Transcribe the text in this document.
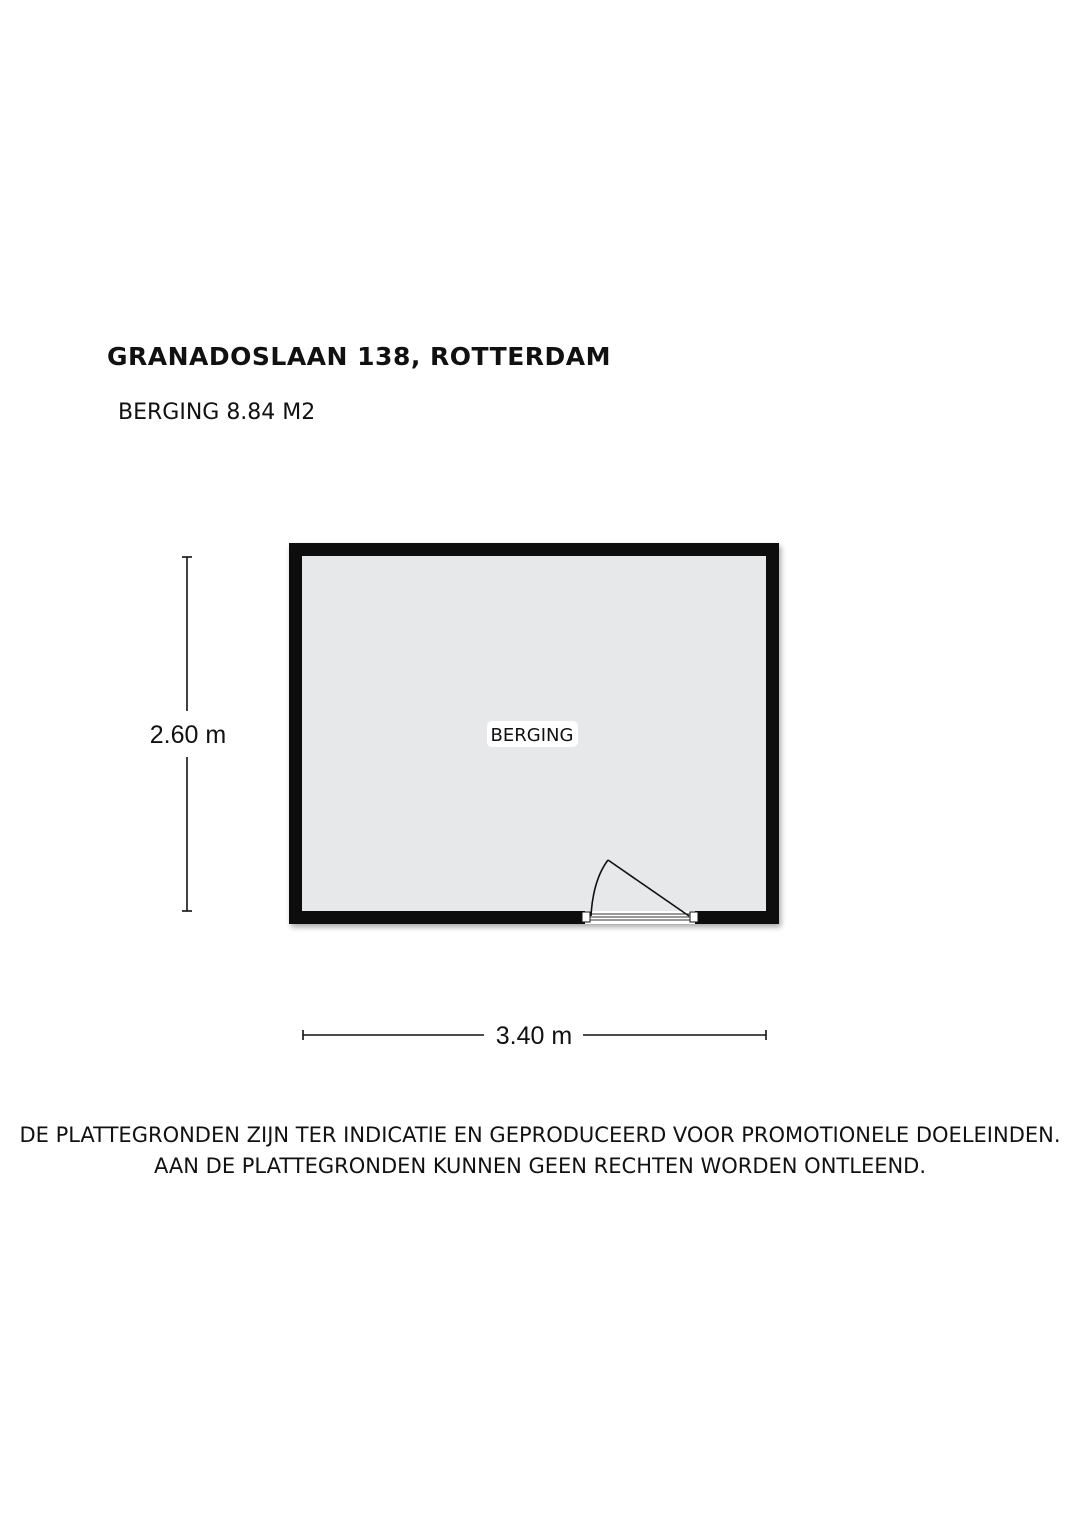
GRANADOSLAAN 138, ROTTERDAM
BERGING 8.84 M2
BERGING
2.60 m
3.40 m
DE PLATTEGRONDEN ZIJN TER INDICATIE EN GEPRODUCEERD VOOR PROMOTIONELE DOELEINDEN.
AAN DE PLATTEGRONDEN KUNNEN GEEN RECHTEN WORDEN ONTLEEND.
